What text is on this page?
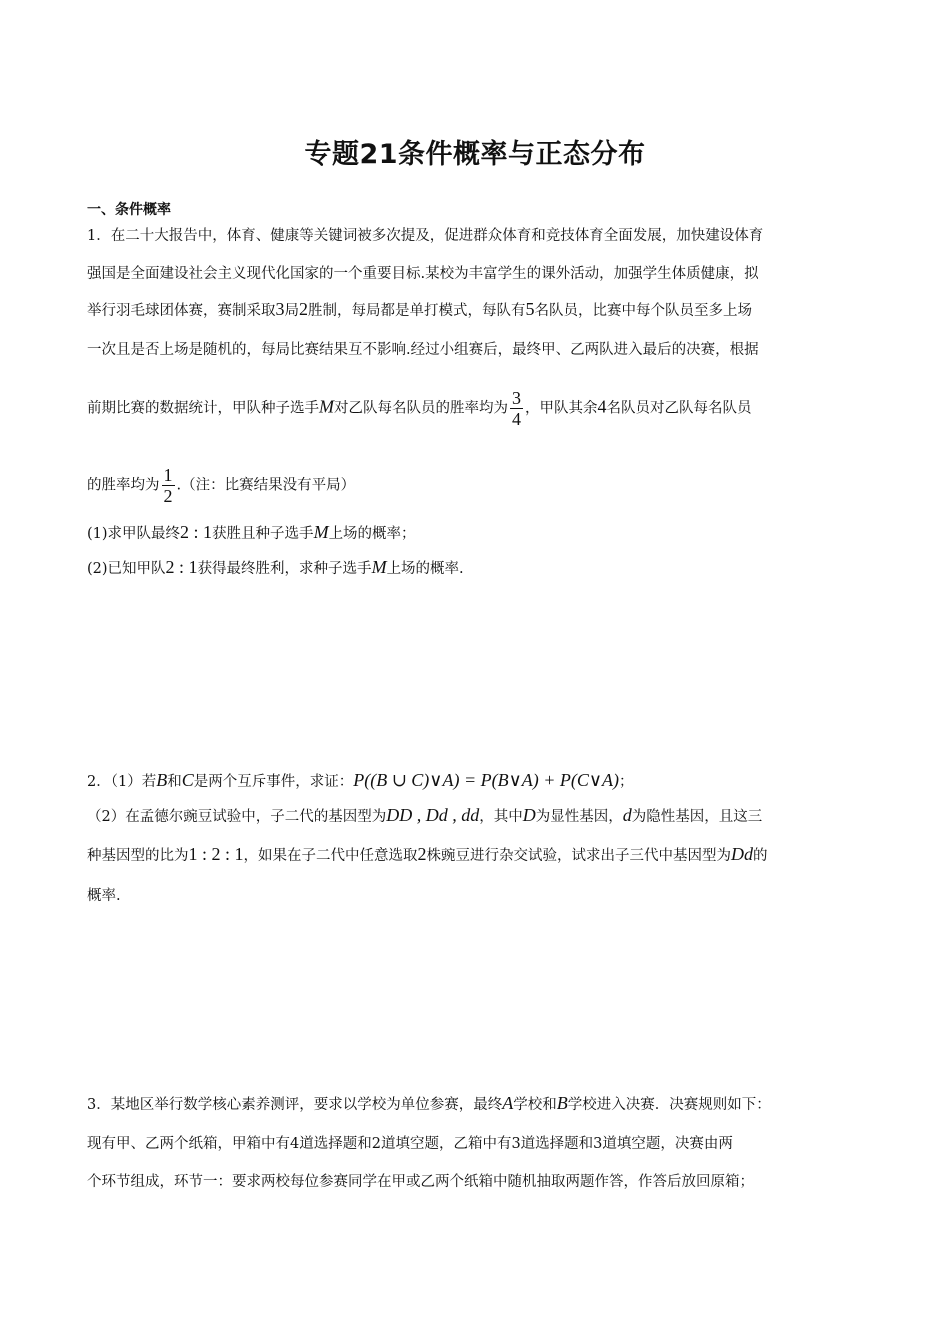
专题21条件概率与正态分布
一、条件概率
1．在二十大报告中，体育、健康等关键词被多次提及，促进群众体育和竞技体育全面发展，加快建设体育
强国是全面建设社会主义现代化国家的一个重要目标.某校为丰富学生的课外活动，加强学生体质健康，拟
举行羽毛球团体赛，赛制采取3局2胜制，每局都是单打模式，每队有5名队员，比赛中每个队员至多上场
一次且是否上场是随机的，每局比赛结果互不影响.经过小组赛后，最终甲、乙两队进入最后的决赛，根据
前期比赛的数据统计，甲队种子选手M对乙队每名队员的胜率均为 $\frac{3}{4}$ ，甲队其余4名队员对乙队每名队员
的胜率均为 $\frac{1}{2}$ .（注：比赛结果没有平局）
(1)求甲队最终2 : 1获胜且种子选手M上场的概率；
(2)已知甲队2 : 1获得最终胜利，求种子选手M上场的概率.
2．（1）若B和C是两个互斥事件，求证：P((B ∪ C)∨A) = P(B∨A) + P(C∨A)；
（2）在孟德尔豌豆试验中，子二代的基因型为DD , Dd , dd，其中D为显性基因，d为隐性基因，且这三
种基因型的比为1 : 2 : 1，如果在子二代中任意选取2株豌豆进行杂交试验，试求出子三代中基因型为Dd的
概率.
3．某地区举行数学核心素养测评，要求以学校为单位参赛，最终A学校和B学校进入决赛．决赛规则如下：
现有甲、乙两个纸箱，甲箱中有4道选择题和2道填空题，乙箱中有3道选择题和3道填空题，决赛由两
个环节组成，环节一：要求两校每位参赛同学在甲或乙两个纸箱中随机抽取两题作答，作答后放回原箱；
